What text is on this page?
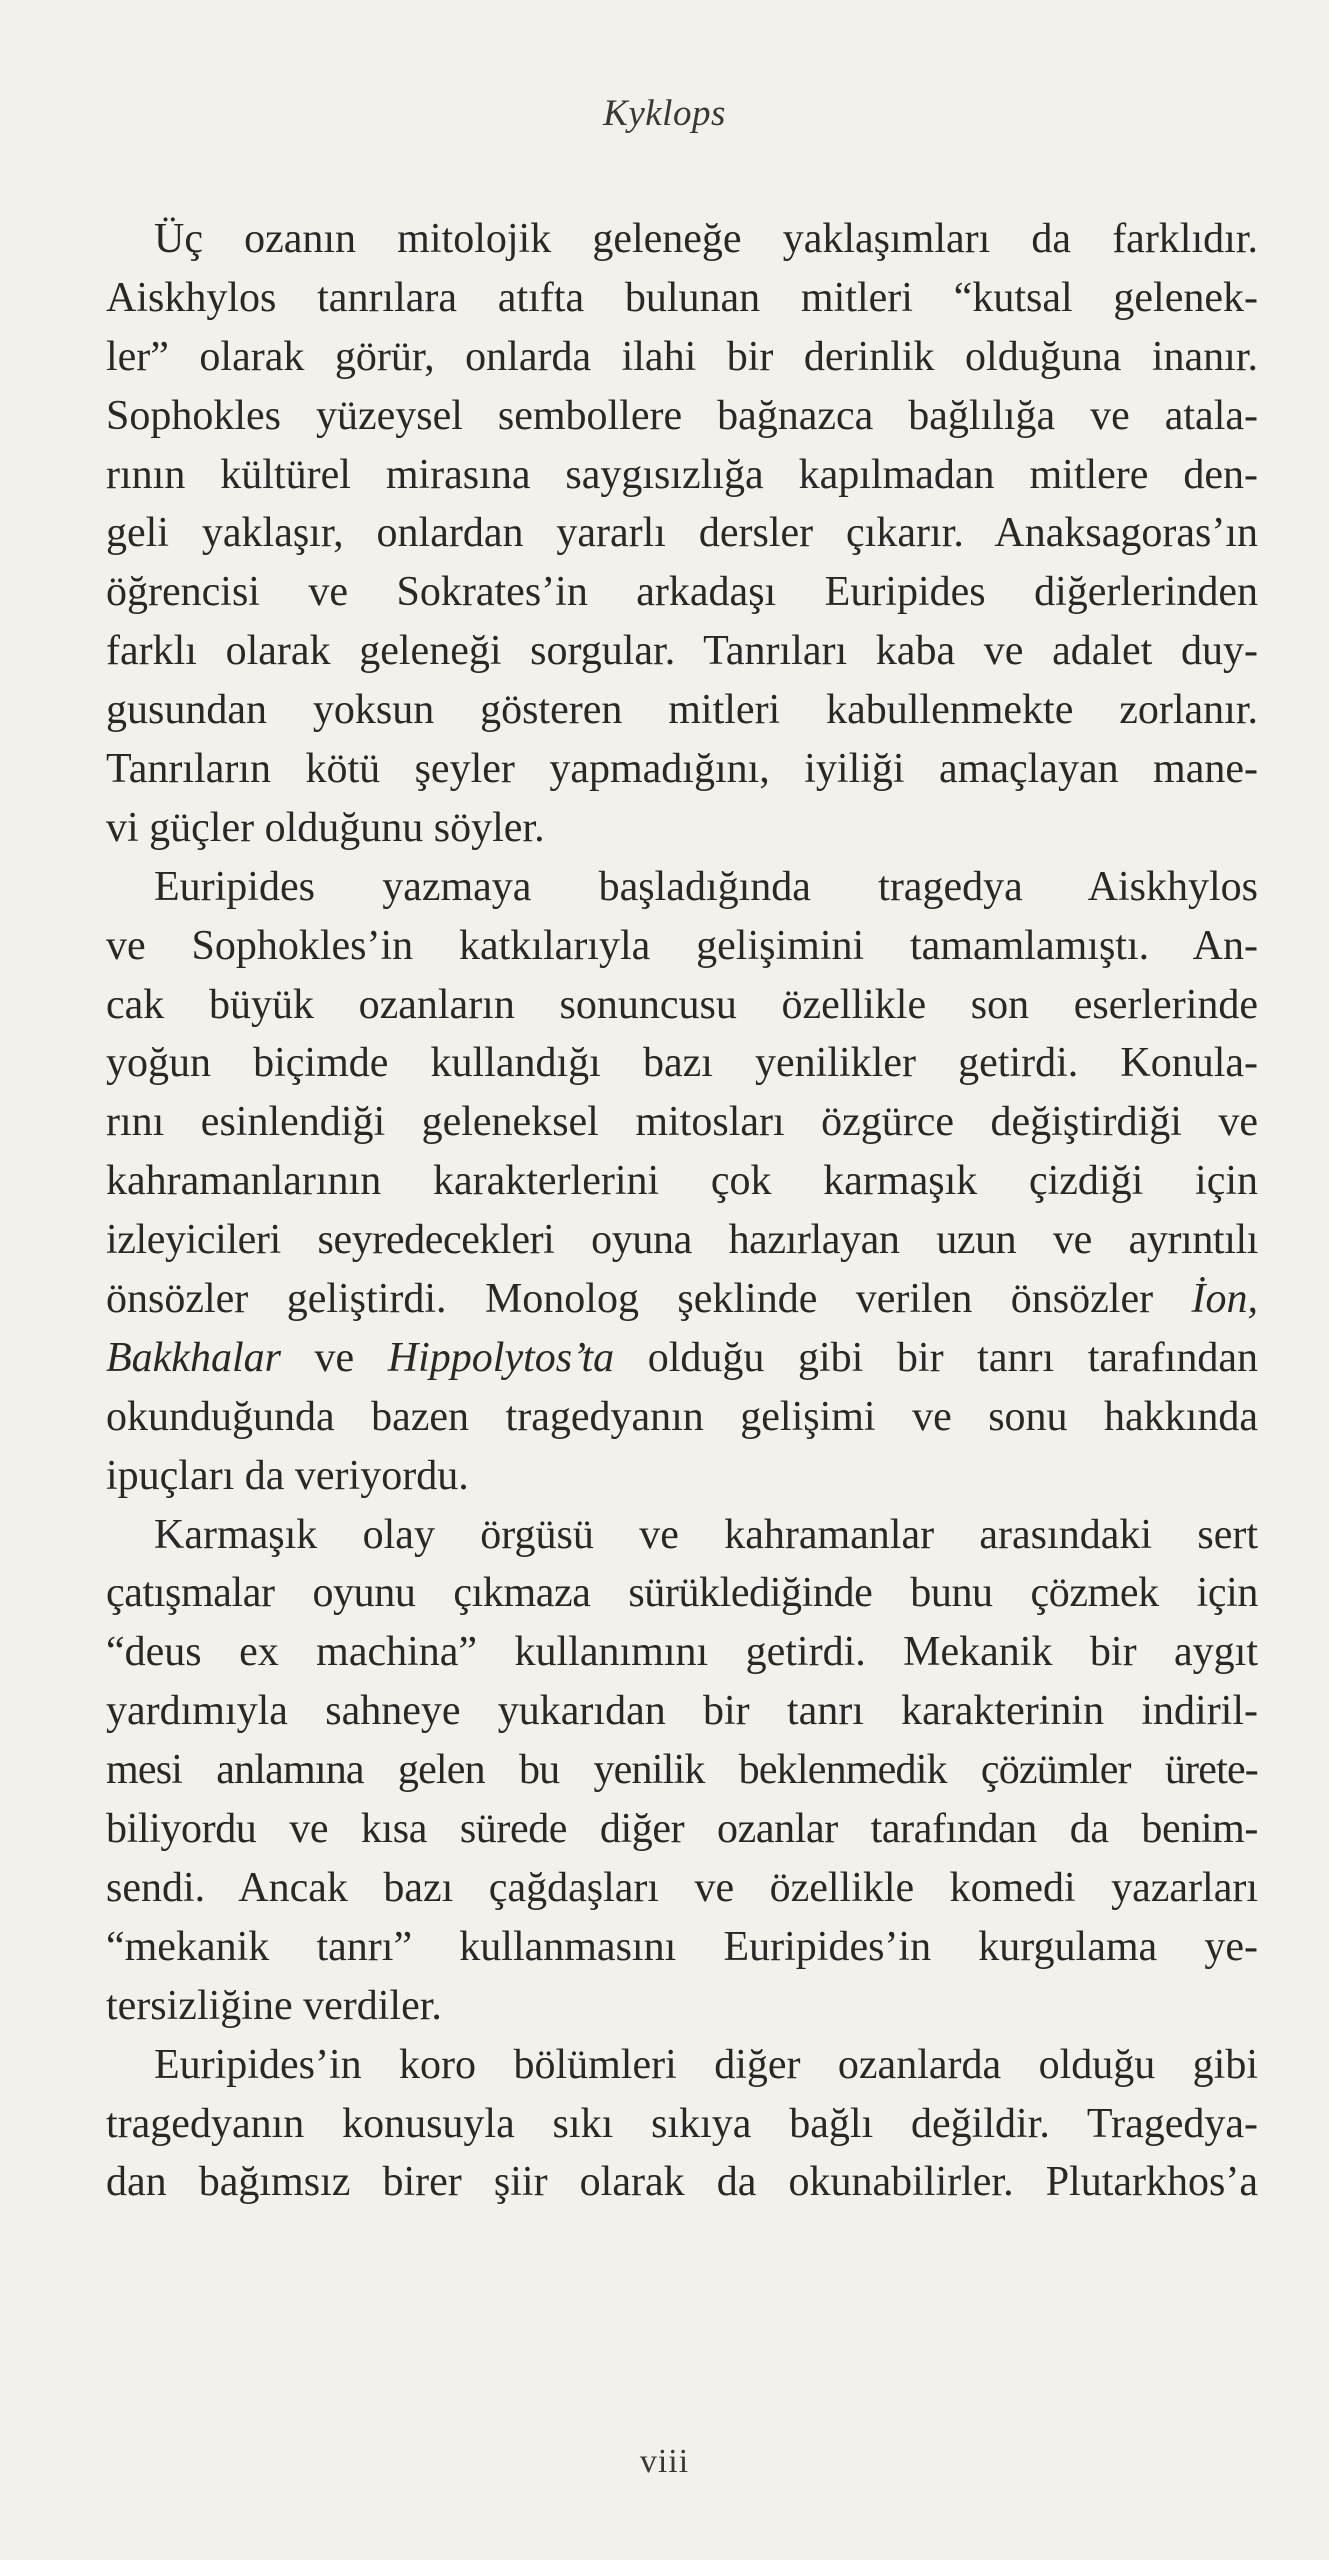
Kyklops
Üç ozanın mitolojik geleneğe yaklaşımları da farklıdır.
Aiskhylos tanrılara atıfta bulunan mitleri “kutsal gelenek-
ler” olarak görür, onlarda ilahi bir derinlik olduğuna inanır.
Sophokles yüzeysel sembollere bağnazca bağlılığa ve atala-
rının kültürel mirasına saygısızlığa kapılmadan mitlere den-
geli yaklaşır, onlardan yararlı dersler çıkarır. Anaksagoras’ın
öğrencisi ve Sokrates’in arkadaşı Euripides diğerlerinden
farklı olarak geleneği sorgular. Tanrıları kaba ve adalet duy-
gusundan yoksun gösteren mitleri kabullenmekte zorlanır.
Tanrıların kötü şeyler yapmadığını, iyiliği amaçlayan mane-
vi güçler olduğunu söyler.
Euripides yazmaya başladığında tragedya Aiskhylos
ve Sophokles’in katkılarıyla gelişimini tamamlamıştı. An-
cak büyük ozanların sonuncusu özellikle son eserlerinde
yoğun biçimde kullandığı bazı yenilikler getirdi. Konula-
rını esinlendiği geleneksel mitosları özgürce değiştirdiği ve
kahramanlarının karakterlerini çok karmaşık çizdiği için
izleyicileri seyredecekleri oyuna hazırlayan uzun ve ayrıntılı
önsözler geliştirdi. Monolog şeklinde verilen önsözler İon,
Bakkhalar ve Hippolytos’ta olduğu gibi bir tanrı tarafından
okunduğunda bazen tragedyanın gelişimi ve sonu hakkında
ipuçları da veriyordu.
Karmaşık olay örgüsü ve kahramanlar arasındaki sert
çatışmalar oyunu çıkmaza sürüklediğinde bunu çözmek için
“deus ex machina” kullanımını getirdi. Mekanik bir aygıt
yardımıyla sahneye yukarıdan bir tanrı karakterinin indiril-
mesi anlamına gelen bu yenilik beklenmedik çözümler ürete-
biliyordu ve kısa sürede diğer ozanlar tarafından da benim-
sendi. Ancak bazı çağdaşları ve özellikle komedi yazarları
“mekanik tanrı” kullanmasını Euripides’in kurgulama ye-
tersizliğine verdiler.
Euripides’in koro bölümleri diğer ozanlarda olduğu gibi
tragedyanın konusuyla sıkı sıkıya bağlı değildir. Tragedya-
dan bağımsız birer şiir olarak da okunabilirler. Plutarkhos’a
viii
